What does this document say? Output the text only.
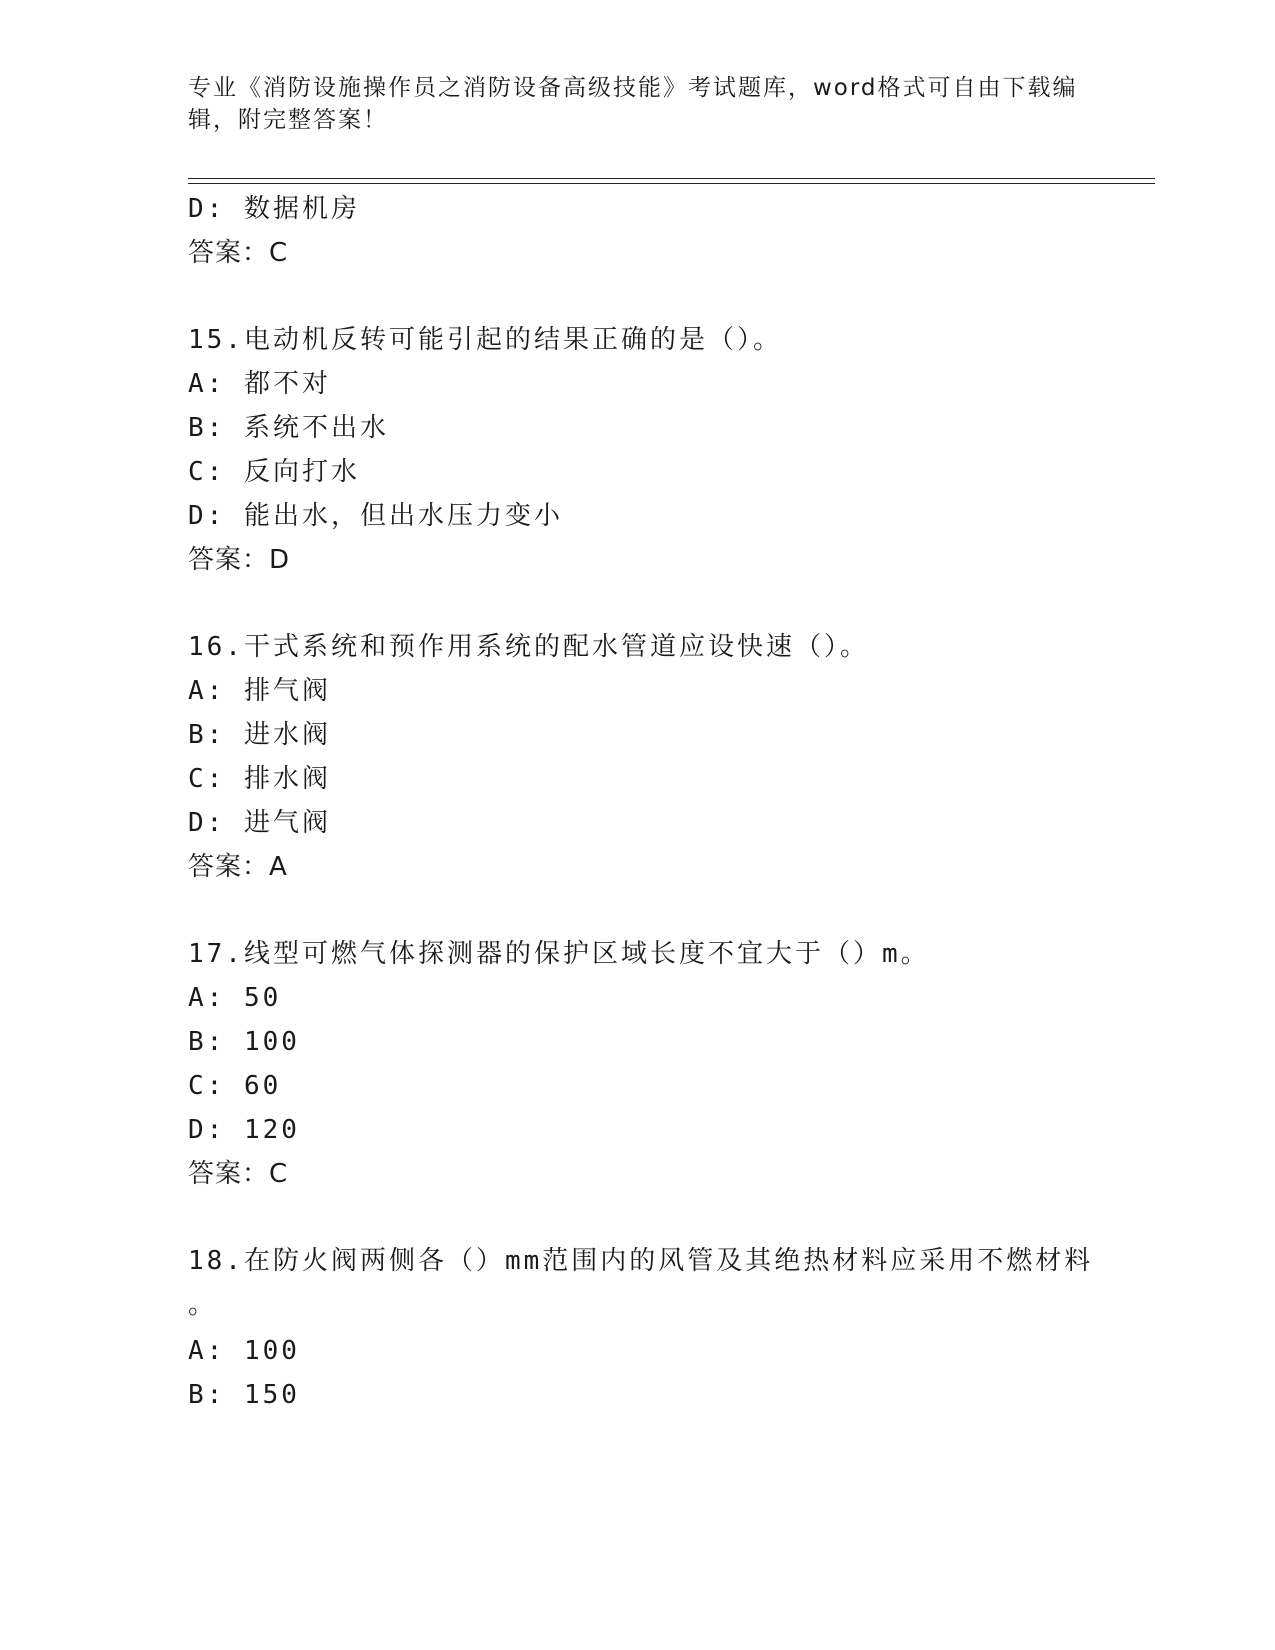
专业《消防设施操作员之消防设备高级技能》考试题库，word格式可自由下载编
辑，附完整答案！
D: 数据机房
答案：C
15.电动机反转可能引起的结果正确的是（）。
A: 都不对
B: 系统不出水
C: 反向打水
D: 能出水，但出水压力变小
答案：D
16.干式系统和预作用系统的配水管道应设快速（）。
A: 排气阀
B: 进水阀
C: 排水阀
D: 进气阀
答案：A
17.线型可燃气体探测器的保护区域长度不宜大于（）m。
A: 50
B: 100
C: 60
D: 120
答案：C
18.在防火阀两侧各（）mm范围内的风管及其绝热材料应采用不燃材料
。
A: 100
B: 150
